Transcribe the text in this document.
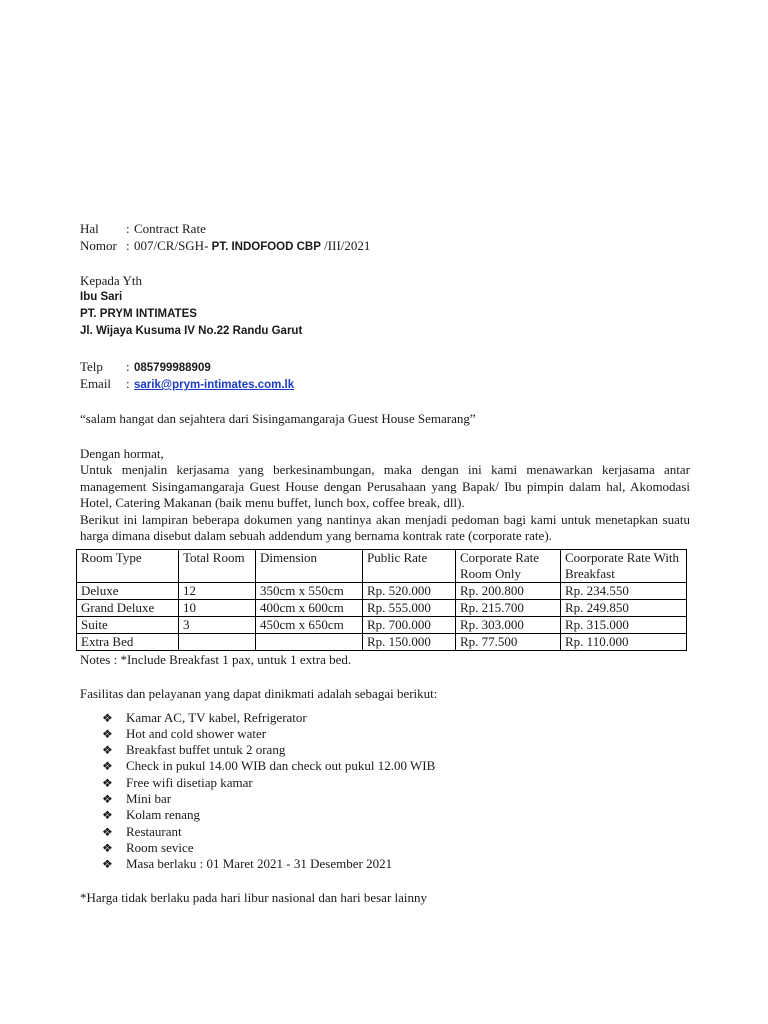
Hal : Contract Rate
Nomor : 007/CR/SGH- PT. INDOFOOD CBP /III/2021
Kepada Yth
Ibu Sari
PT. PRYM INTIMATES
Jl. Wijaya Kusuma IV No.22 Randu Garut
Telp : 085799988909
Email : sarik@prym-intimates.com.lk
“salam hangat dan sejahtera dari Sisingamangaraja Guest House Semarang”
Dengan hormat,
Untuk menjalin kerjasama yang berkesinambungan, maka dengan ini kami menawarkan kerjasama antar management Sisingamangaraja Guest House dengan Perusahaan yang Bapak/ Ibu pimpin dalam hal, Akomodasi Hotel, Catering Makanan (baik menu buffet, lunch box, coffee break, dll).
Berikut ini lampiran beberapa dokumen yang nantinya akan menjadi pedoman bagi kami untuk menetapkan suatu harga dimana disebut dalam sebuah addendum yang bernama kontrak rate (corporate rate).
Room Type	Total Room	Dimension	Public Rate	Corporate Rate Room Only	Coorporate Rate With Breakfast
Deluxe	12	350cm x 550cm	Rp. 520.000	Rp. 200.800	Rp. 234.550
Grand Deluxe	10	400cm x 600cm	Rp. 555.000	Rp. 215.700	Rp. 249.850
Suite	3	450cm x 650cm	Rp. 700.000	Rp. 303.000	Rp. 315.000
Extra Bed			Rp. 150.000	Rp. 77.500	Rp. 110.000
Notes : *Include Breakfast 1 pax, untuk 1 extra bed.
Fasilitas dan pelayanan yang dapat dinikmati adalah sebagai berikut:
❖ Kamar AC, TV kabel, Refrigerator
❖ Hot and cold shower water
❖ Breakfast buffet untuk 2 orang
❖ Check in pukul 14.00 WIB dan check out pukul 12.00 WIB
❖ Free wifi disetiap kamar
❖ Mini bar
❖ Kolam renang
❖ Restaurant
❖ Room sevice
❖ Masa berlaku : 01 Maret 2021 - 31 Desember 2021
*Harga tidak berlaku pada hari libur nasional dan hari besar lainny
